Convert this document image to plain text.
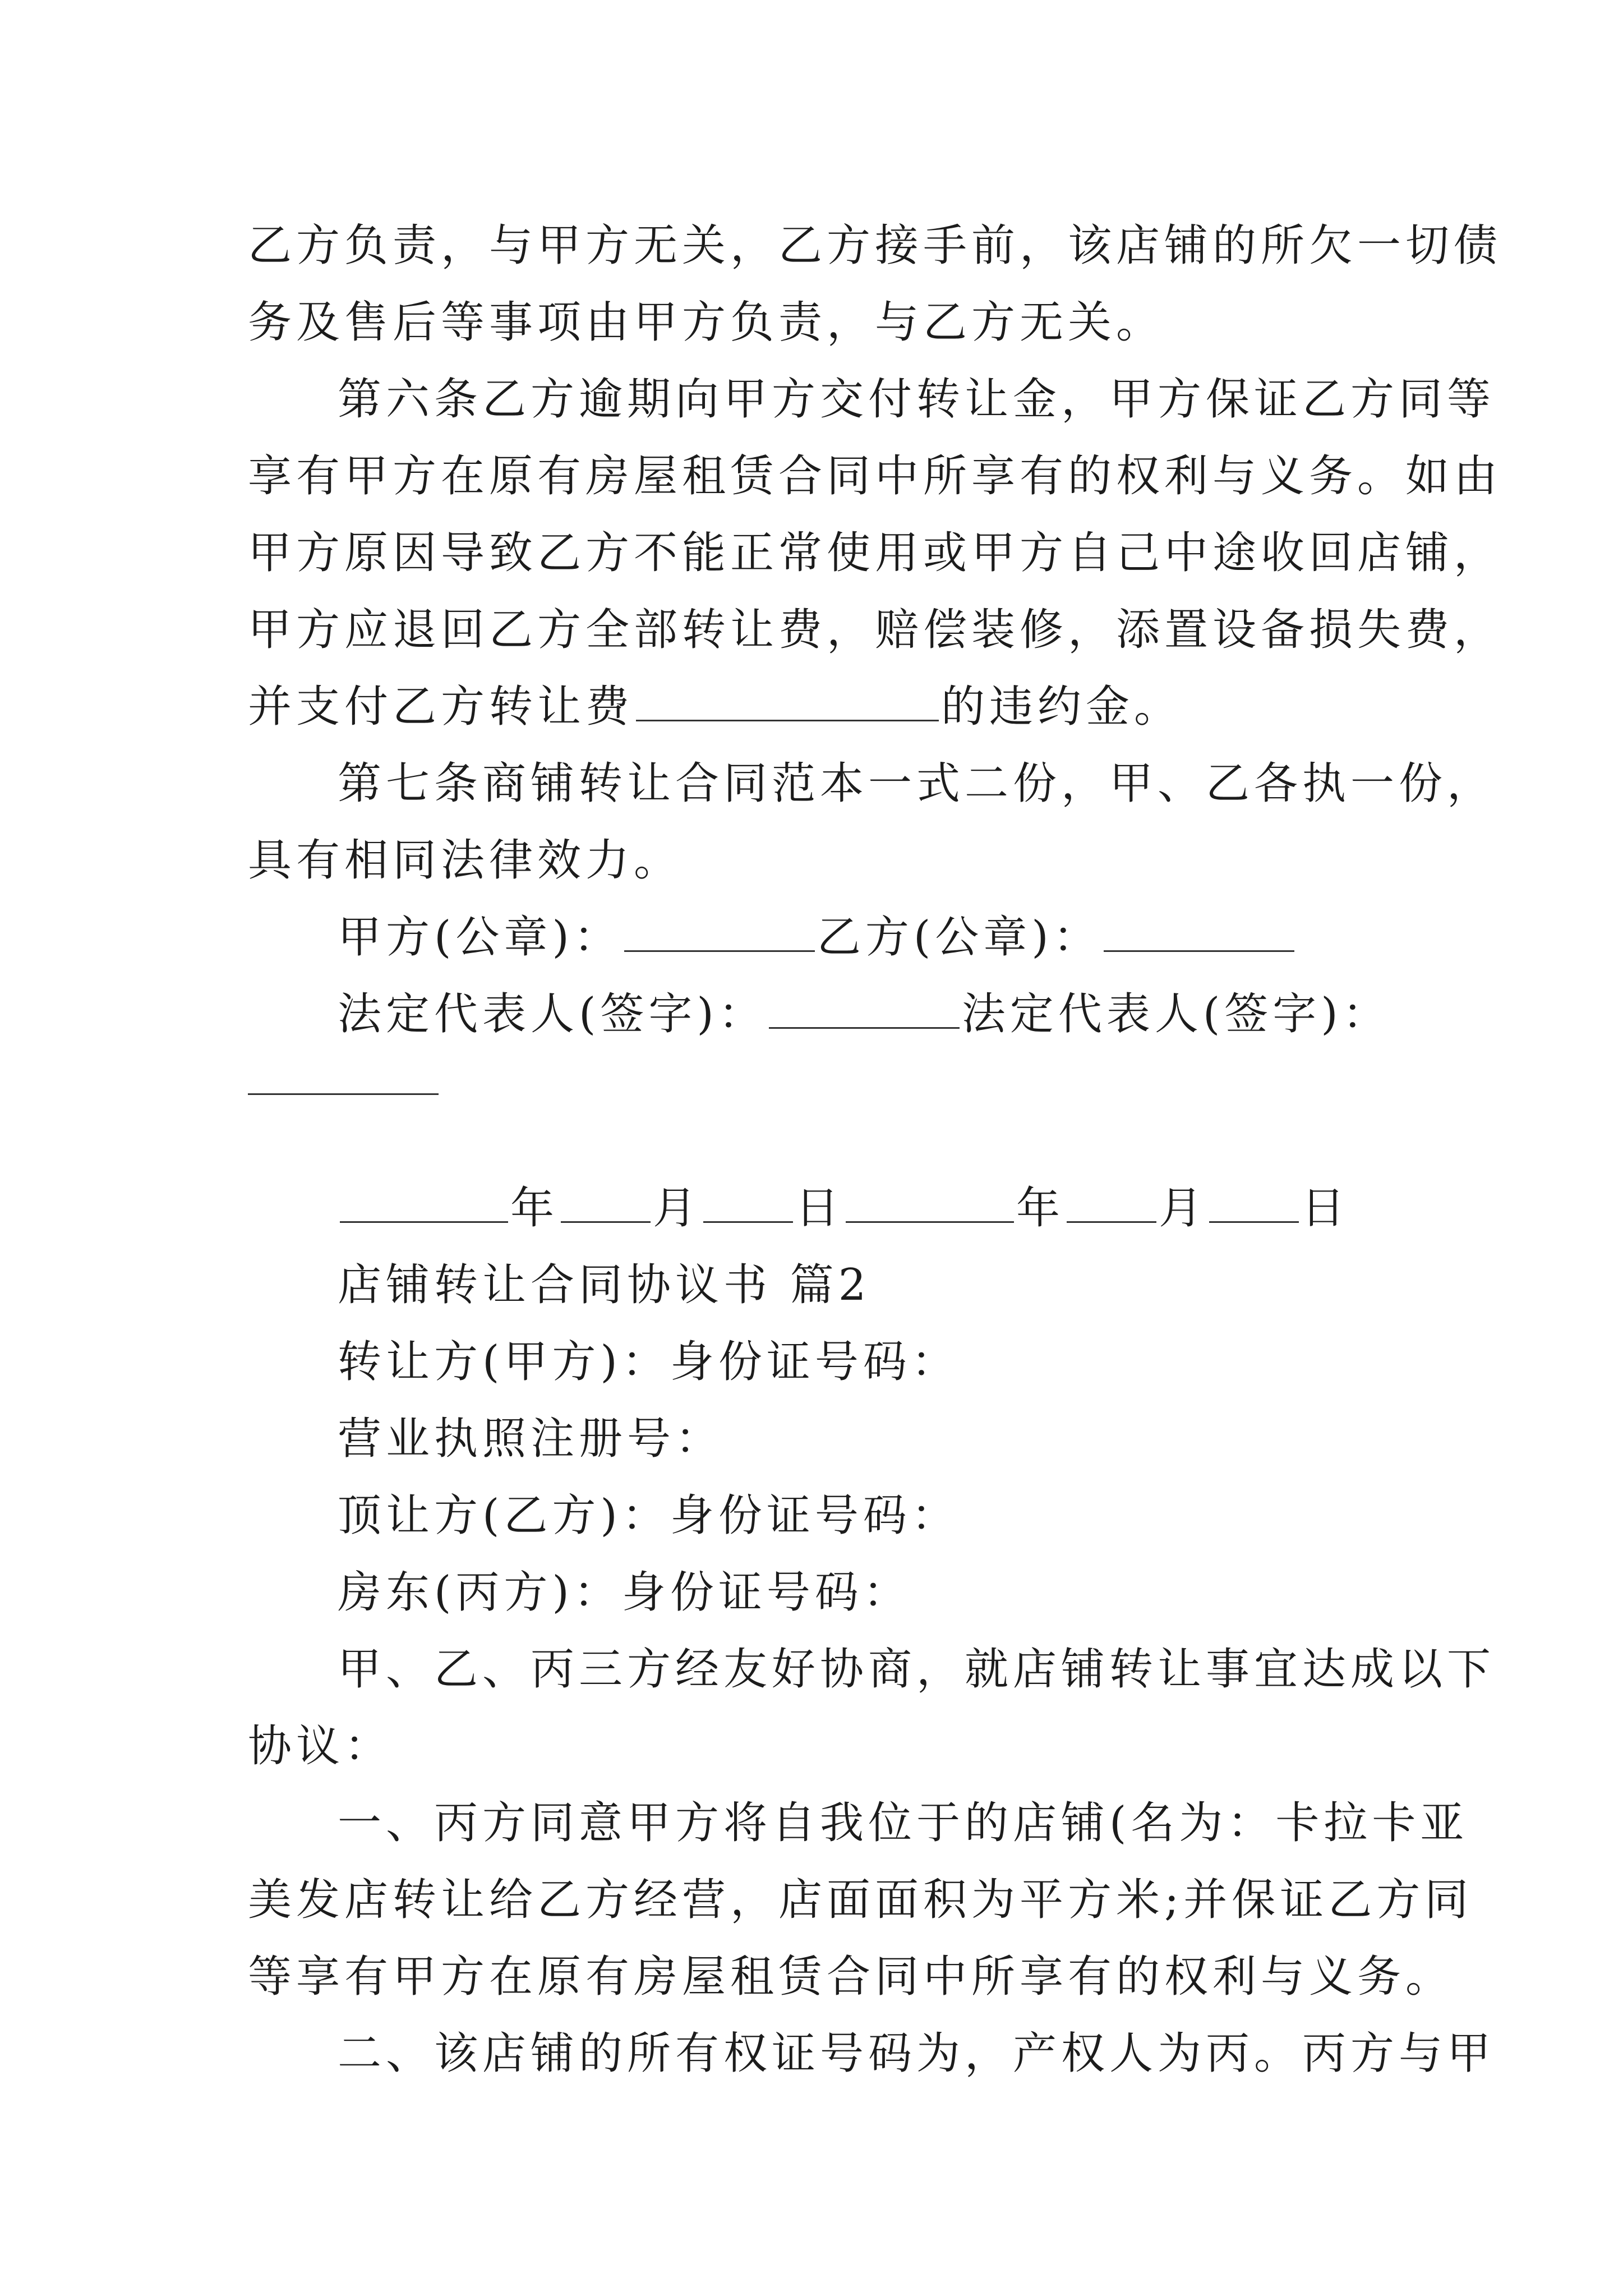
乙方负责，与甲方无关，乙方接手前，该店铺的所欠一切债
务及售后等事项由甲方负责，与乙方无关。
第六条乙方逾期向甲方交付转让金，甲方保证乙方同等
享有甲方在原有房屋租赁合同中所享有的权利与义务。如由
甲方原因导致乙方不能正常使用或甲方自己中途收回店铺，
甲方应退回乙方全部转让费，赔偿装修，添置设备损失费，
并支付乙方转让费	的违约金。
第七条商铺转让合同范本一式二份，甲、乙各执一份，
具有相同法律效力。
甲方(公章)：	乙方(公章)：
法定代表人(签字)：	法定代表人(签字)：
年 月 日	年 月 日
店铺转让合同协议书 篇2
转让方(甲方)：身份证号码：
营业执照注册号：
顶让方(乙方)：身份证号码：
房东(丙方)：身份证号码：
甲、乙、丙三方经友好协商，就店铺转让事宜达成以下
协议：
一、丙方同意甲方将自我位于的店铺(名为：卡拉卡亚
美发店转让给乙方经营，店面面积为平方米;并保证乙方同
等享有甲方在原有房屋租赁合同中所享有的权利与义务。
二、该店铺的所有权证号码为，产权人为丙。丙方与甲
